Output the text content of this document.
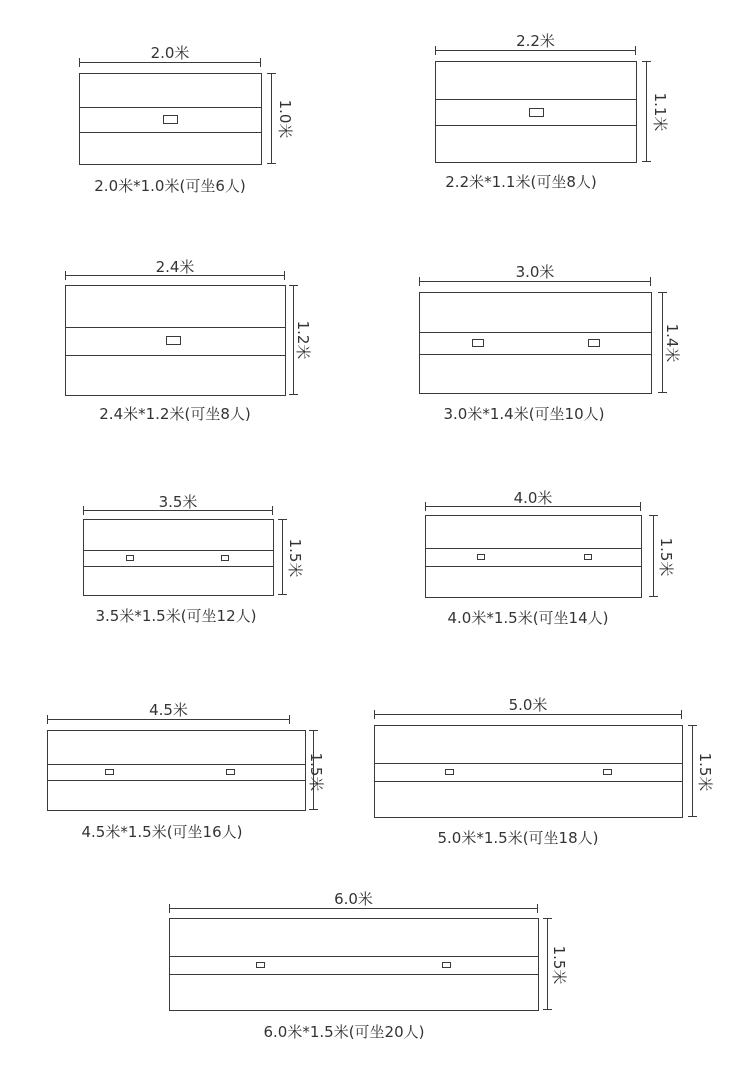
2.0米
1.0米
2.0米*1.0米(可坐6人)
2.2米
1.1米
2.2米*1.1米(可坐8人)
2.4米
1.2米
2.4米*1.2米(可坐8人)
3.0米
1.4米
3.0米*1.4米(可坐10人)
3.5米
1.5米
3.5米*1.5米(可坐12人)
4.0米
1.5米
4.0米*1.5米(可坐14人)
4.5米
1.5米
4.5米*1.5米(可坐16人)
5.0米
1.5米
5.0米*1.5米(可坐18人)
6.0米
1.5米
6.0米*1.5米(可坐20人)
